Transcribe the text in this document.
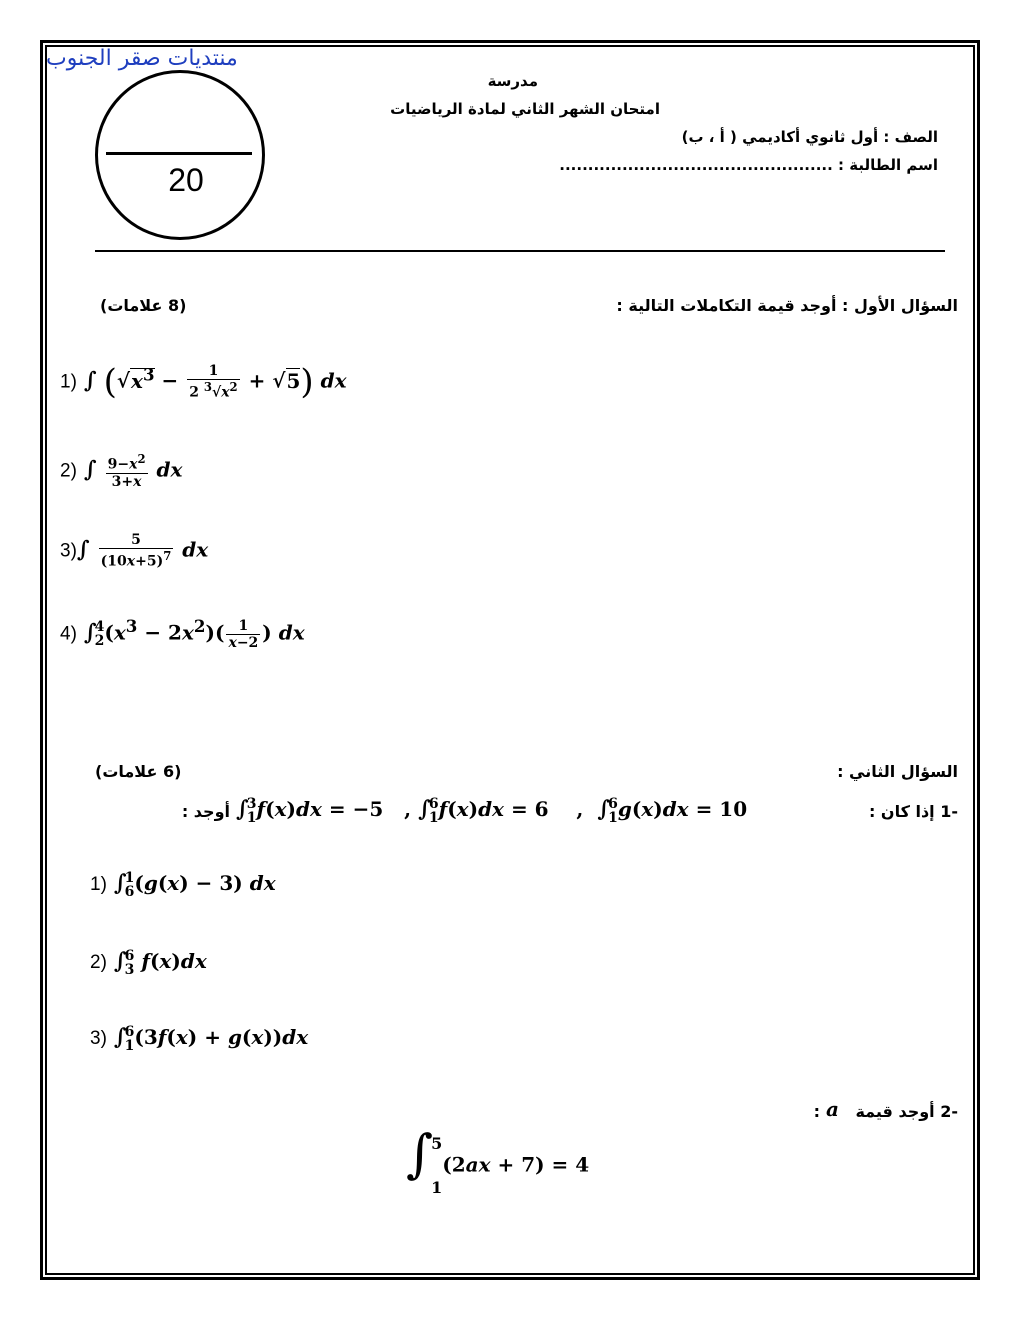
منتديات صقر الجنوب
20
مدرسة
امتحان الشهر الثاني لمادة الرياضيات
الصف : أول ثانوي أكاديمي ( أ ، ب)
اسم الطالبة : ................................................
السؤال الأول : أوجد قيمة التكاملات التالية :
(8 علامات)
1) ∫ $(√x^3 - \frac{1}{2 ^3√x^2} + √5)$ dx
2) ∫ $\frac{9-x^2}{3+x}$ dx
$3)\int \frac{5}{(10x+5)^7}$ dx
4) ∫
4
2 $(x^3 - 2x^2)( \frac{1}{x-2}$ ) dx
السؤال الثاني :
(6 علامات)
-1 إذا كان :
∫
3
1 f(x)dx = −5   , ∫
6
1 f(x)dx = 6    ,  ∫
6
1 g(x)dx = 10
أوجد :
1) ∫
1
6 (g(x) − 3) dx
2) ∫
6
3 f(x)dx
3) ∫
6
1 (3f(x) + g(x))dx
-2 أوجد قيمة
a
:
∫
5
1
(2ax + 7) = 4
